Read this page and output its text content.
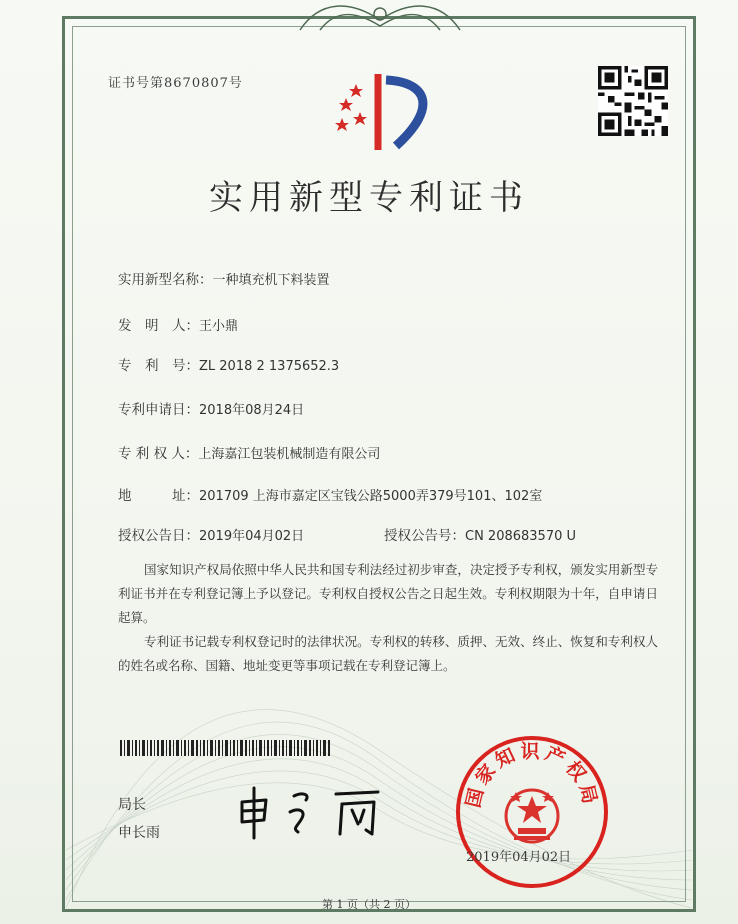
证书号第8670807号
实用新型专利证书
实用新型名称：一种填充机下料装置
发　明　人：王小鼎
专　利　号：ZL 2018 2 1375652.3
专利申请日：2018年08月24日
专 利 权 人：上海嘉江包装机械制造有限公司
地　　　址：201709 上海市嘉定区宝钱公路5000弄379号101、102室
授权公告日：2019年04月02日	授权公告号：CN 208683570 U
国家知识产权局依照中华人民共和国专利法经过初步审查，决定授予专利权，颁发实用新型专利证书并在专利登记簿上予以登记。专利权自授权公告之日起生效。专利权期限为十年，自申请日起算。
专利证书记载专利权登记时的法律状况。专利权的转移、质押、无效、终止、恢复和专利权人的姓名或名称、国籍、地址变更等事项记载在专利登记簿上。
局长
申长雨
国家知识产权局
2019年04月02日
第 1 页（共 2 页）
